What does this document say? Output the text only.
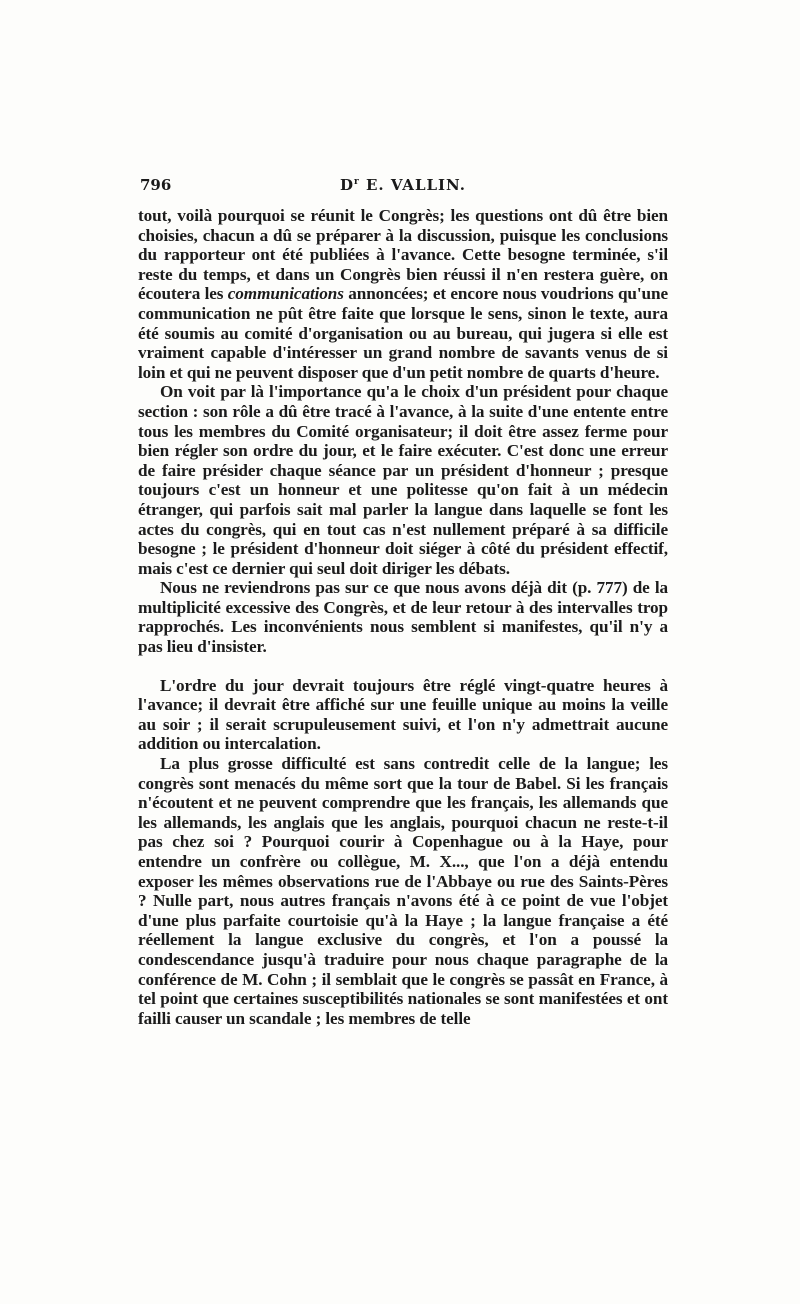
796	$D^r$ E. VALLIN.

tout, voilà pourquoi se réunit le Congrès; les questions ont dû être bien choisies, chacun a dû se préparer à la discussion, puisque les conclusions du rapporteur ont été publiées à l'avance. Cette besogne terminée, s'il reste du temps, et dans un Congrès bien réussi il n'en restera guère, on écoutera les communications annoncées; et encore nous voudrions qu'une communication ne pût être faite que lorsque le sens, sinon le texte, aura été soumis au comité d'organisation ou au bureau, qui jugera si elle est vraiment capable d'intéresser un grand nombre de savants venus de si loin et qui ne peuvent disposer que d'un petit nombre de quarts d'heure.

On voit par là l'importance qu'a le choix d'un président pour chaque section : son rôle a dû être tracé à l'avance, à la suite d'une entente entre tous les membres du Comité organisateur; il doit être assez ferme pour bien régler son ordre du jour, et le faire exécuter. C'est donc une erreur de faire présider chaque séance par un président d'honneur ; presque toujours c'est un honneur et une politesse qu'on fait à un médecin étranger, qui parfois sait mal parler la langue dans laquelle se font les actes du congrès, qui en tout cas n'est nullement préparé à sa difficile besogne ; le président d'honneur doit siéger à côté du président effectif, mais c'est ce dernier qui seul doit diriger les débats.

Nous ne reviendrons pas sur ce que nous avons déjà dit (p. 777) de la multiplicité excessive des Congrès, et de leur retour à des intervalles trop rapprochés. Les inconvénients nous semblent si manifestes, qu'il n'y a pas lieu d'insister.

L'ordre du jour devrait toujours être réglé vingt-quatre heures à l'avance; il devrait être affiché sur une feuille unique au moins la veille au soir ; il serait scrupuleusement suivi, et l'on n'y admettrait aucune addition ou intercalation.

La plus grosse difficulté est sans contredit celle de la langue; les congrès sont menacés du même sort que la tour de Babel. Si les français n'écoutent et ne peuvent comprendre que les français, les allemands que les allemands, les anglais que les anglais, pourquoi chacun ne reste-t-il pas chez soi ? Pourquoi courir à Copenhague ou à la Haye, pour entendre un confrère ou collègue, M. X..., que l'on a déjà entendu exposer les mêmes observations rue de l'Abbaye ou rue des Saints-Pères ? Nulle part, nous autres français n'avons été à ce point de vue l'objet d'une plus parfaite courtoisie qu'à la Haye ; la langue française a été réellement la langue exclusive du congrès, et l'on a poussé la condescendance jusqu'à traduire pour nous chaque paragraphe de la conférence de M. Cohn ; il semblait que le congrès se passât en France, à tel point que certaines susceptibilités nationales se sont manifestées et ont failli causer un scandale ; les membres de telle
